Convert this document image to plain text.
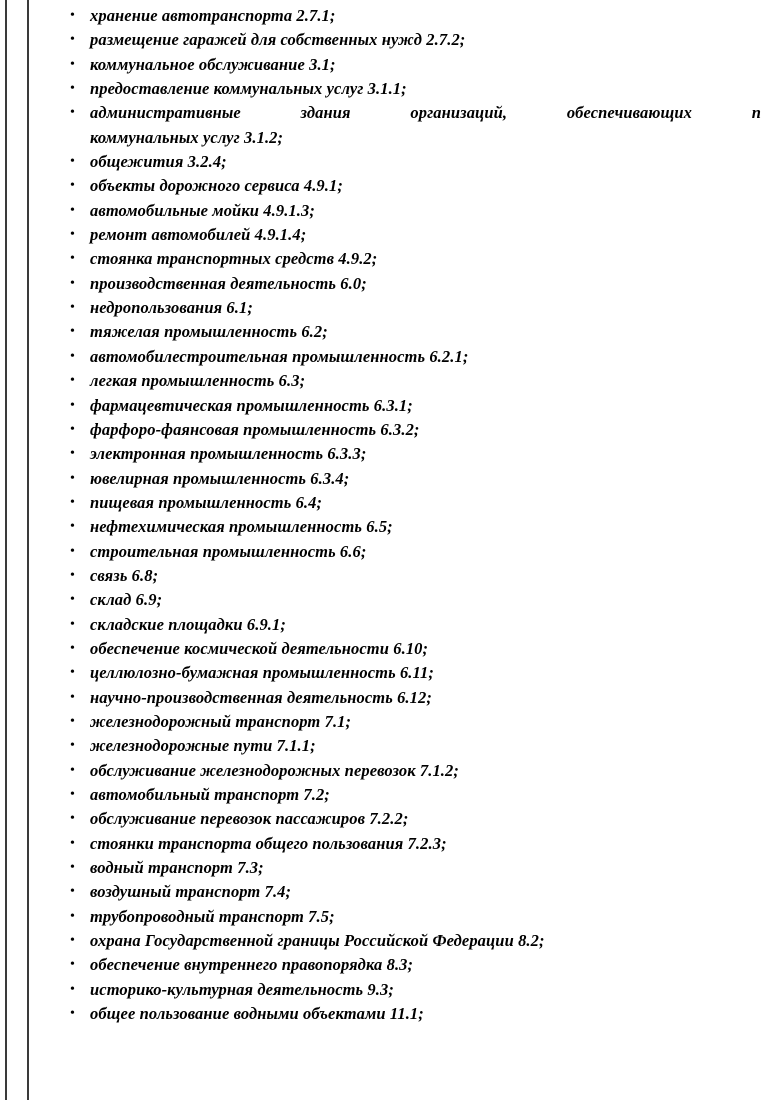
• хранение автотранспорта 2.7.1;
• размещение гаражей для собственных нужд 2.7.2;
• коммунальное обслуживание 3.1;
• предоставление коммунальных услуг 3.1.1;
• административные здания организаций, обеспечивающих п
коммунальных услуг 3.1.2;
• общежития 3.2.4;
• объекты дорожного сервиса 4.9.1;
• автомобильные мойки 4.9.1.3;
• ремонт автомобилей 4.9.1.4;
• стоянка транспортных средств 4.9.2;
• производственная деятельность 6.0;
• недропользования 6.1;
• тяжелая промышленность 6.2;
• автомобилестроительная промышленность 6.2.1;
• легкая промышленность 6.3;
• фармацевтическая промышленность 6.3.1;
• фарфоро-фаянсовая промышленность 6.3.2;
• электронная промышленность 6.3.3;
• ювелирная промышленность 6.3.4;
• пищевая промышленность 6.4;
• нефтехимическая промышленность 6.5;
• строительная промышленность 6.6;
• связь 6.8;
• склад 6.9;
• складские площадки 6.9.1;
• обеспечение космической деятельности 6.10;
• целлюлозно-бумажная промышленность 6.11;
• научно-производственная деятельность 6.12;
• железнодорожный транспорт 7.1;
• железнодорожные пути 7.1.1;
• обслуживание железнодорожных перевозок 7.1.2;
• автомобильный транспорт 7.2;
• обслуживание перевозок пассажиров 7.2.2;
• стоянки транспорта общего пользования 7.2.3;
• водный транспорт 7.3;
• воздушный транспорт 7.4;
• трубопроводный транспорт 7.5;
• охрана Государственной границы Российской Федерации 8.2;
• обеспечение внутреннего правопорядка 8.3;
• историко-культурная деятельность 9.3;
• общее пользование водными объектами 11.1;
